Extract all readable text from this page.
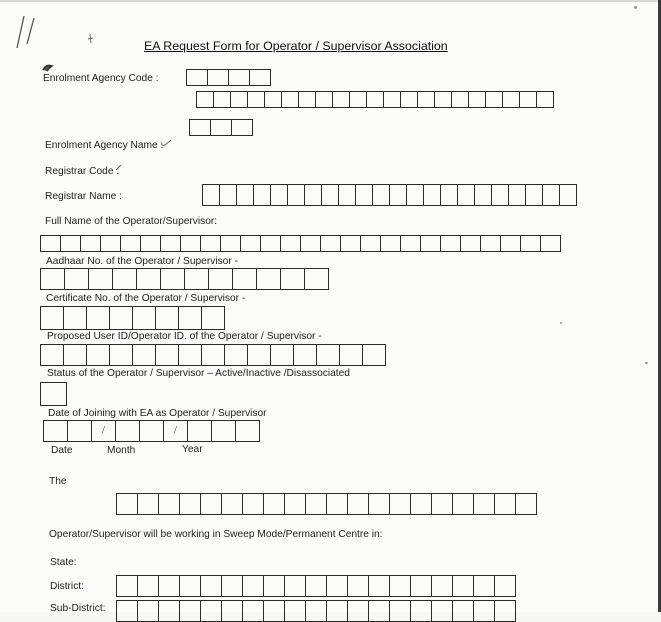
EA Request Form for Operator / Supervisor Association
Enrolment Agency Code :
Enrolment Agency Name :
Registrar Code :
Registrar Name :
Full Name of the Operator/Supervisor:
Aadhaar No. of the Operator / Supervisor -
Certificate No. of the Operator / Supervisor -
Proposed User ID/Operator ID. of the Operator / Supervisor -
Status of the Operator / Supervisor – Active/Inactive /Disassociated
Date of Joining with EA as Operator / Supervisor
/	/
Date	Month	Year
The
Operator/Supervisor will be working in Sweep Mode/Permanent Centre in:
State:
District:
Sub-District:
